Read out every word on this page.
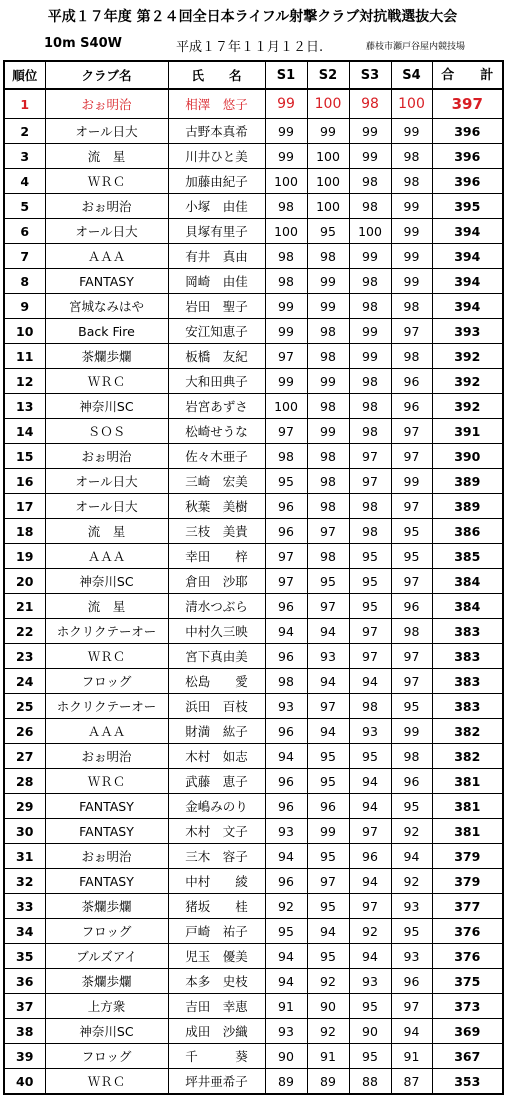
平成１７年度 第２４回全日本ライフル射撃クラブ対抗戦選抜大会
10m S40W	平成１７年１１月１２日.	藤枝市瀬戸谷屋内競技場
順位	クラブ名	氏　　名	S1	S2	S3	S4	合　　計
1	おぉ明治	相澤　悠子	99	100	98	100	397
2	オール日大	古野本真希	99	99	99	99	396
3	流　星	川井ひと美	99	100	99	98	396
4	ＷＲＣ	加藤由紀子	100	100	98	98	396
5	おぉ明治	小塚　由佳	98	100	98	99	395
6	オール日大	貝塚有里子	100	95	100	99	394
7	ＡＡＡ	有井　真由	98	98	99	99	394
8	FANTASY	岡崎　由佳	98	99	98	99	394
9	宮城なみはや	岩田　聖子	99	99	98	98	394
10	Back Fire	安江知恵子	99	98	99	97	393
11	茶爛歩爛	板橋　友紀	97	98	99	98	392
12	ＷＲＣ	大和田典子	99	99	98	96	392
13	神奈川SC	岩宮あずさ	100	98	98	96	392
14	ＳＯＳ	松崎せうな	97	99	98	97	391
15	おぉ明治	佐々木亜子	98	98	97	97	390
16	オール日大	三崎　宏美	95	98	97	99	389
17	オール日大	秋葉　美樹	96	98	98	97	389
18	流　星	三枝　美貴	96	97	98	95	386
19	ＡＡＡ	幸田　　梓	97	98	95	95	385
20	神奈川SC	倉田　沙耶	97	95	95	97	384
21	流　星	清水つぶら	96	97	95	96	384
22	ホクリクテーオー	中村久三映	94	94	97	98	383
23	ＷＲＣ	宮下真由美	96	93	97	97	383
24	フロッグ	松島　　愛	98	94	94	97	383
25	ホクリクテーオー	浜田　百枝	93	97	98	95	383
26	ＡＡＡ	財満　紘子	96	94	93	99	382
27	おぉ明治	木村　如志	94	95	95	98	382
28	ＷＲＣ	武藤　恵子	96	95	94	96	381
29	FANTASY	金嶋みのり	96	96	94	95	381
30	FANTASY	木村　文子	93	99	97	92	381
31	おぉ明治	三木　容子	94	95	96	94	379
32	FANTASY	中村　　綾	96	97	94	92	379
33	茶爛歩爛	猪坂　　桂	92	95	97	93	377
34	フロッグ	戸崎　祐子	95	94	92	95	376
35	ブルズアイ	児玉　優美	94	95	94	93	376
36	茶爛歩爛	本多　史枝	94	92	93	96	375
37	上方衆	吉田　幸恵	91	90	95	97	373
38	神奈川SC	成田　沙織	93	92	90	94	369
39	フロッグ	千　　　葵	90	91	95	91	367
40	ＷＲＣ	坪井亜希子	89	89	88	87	353
